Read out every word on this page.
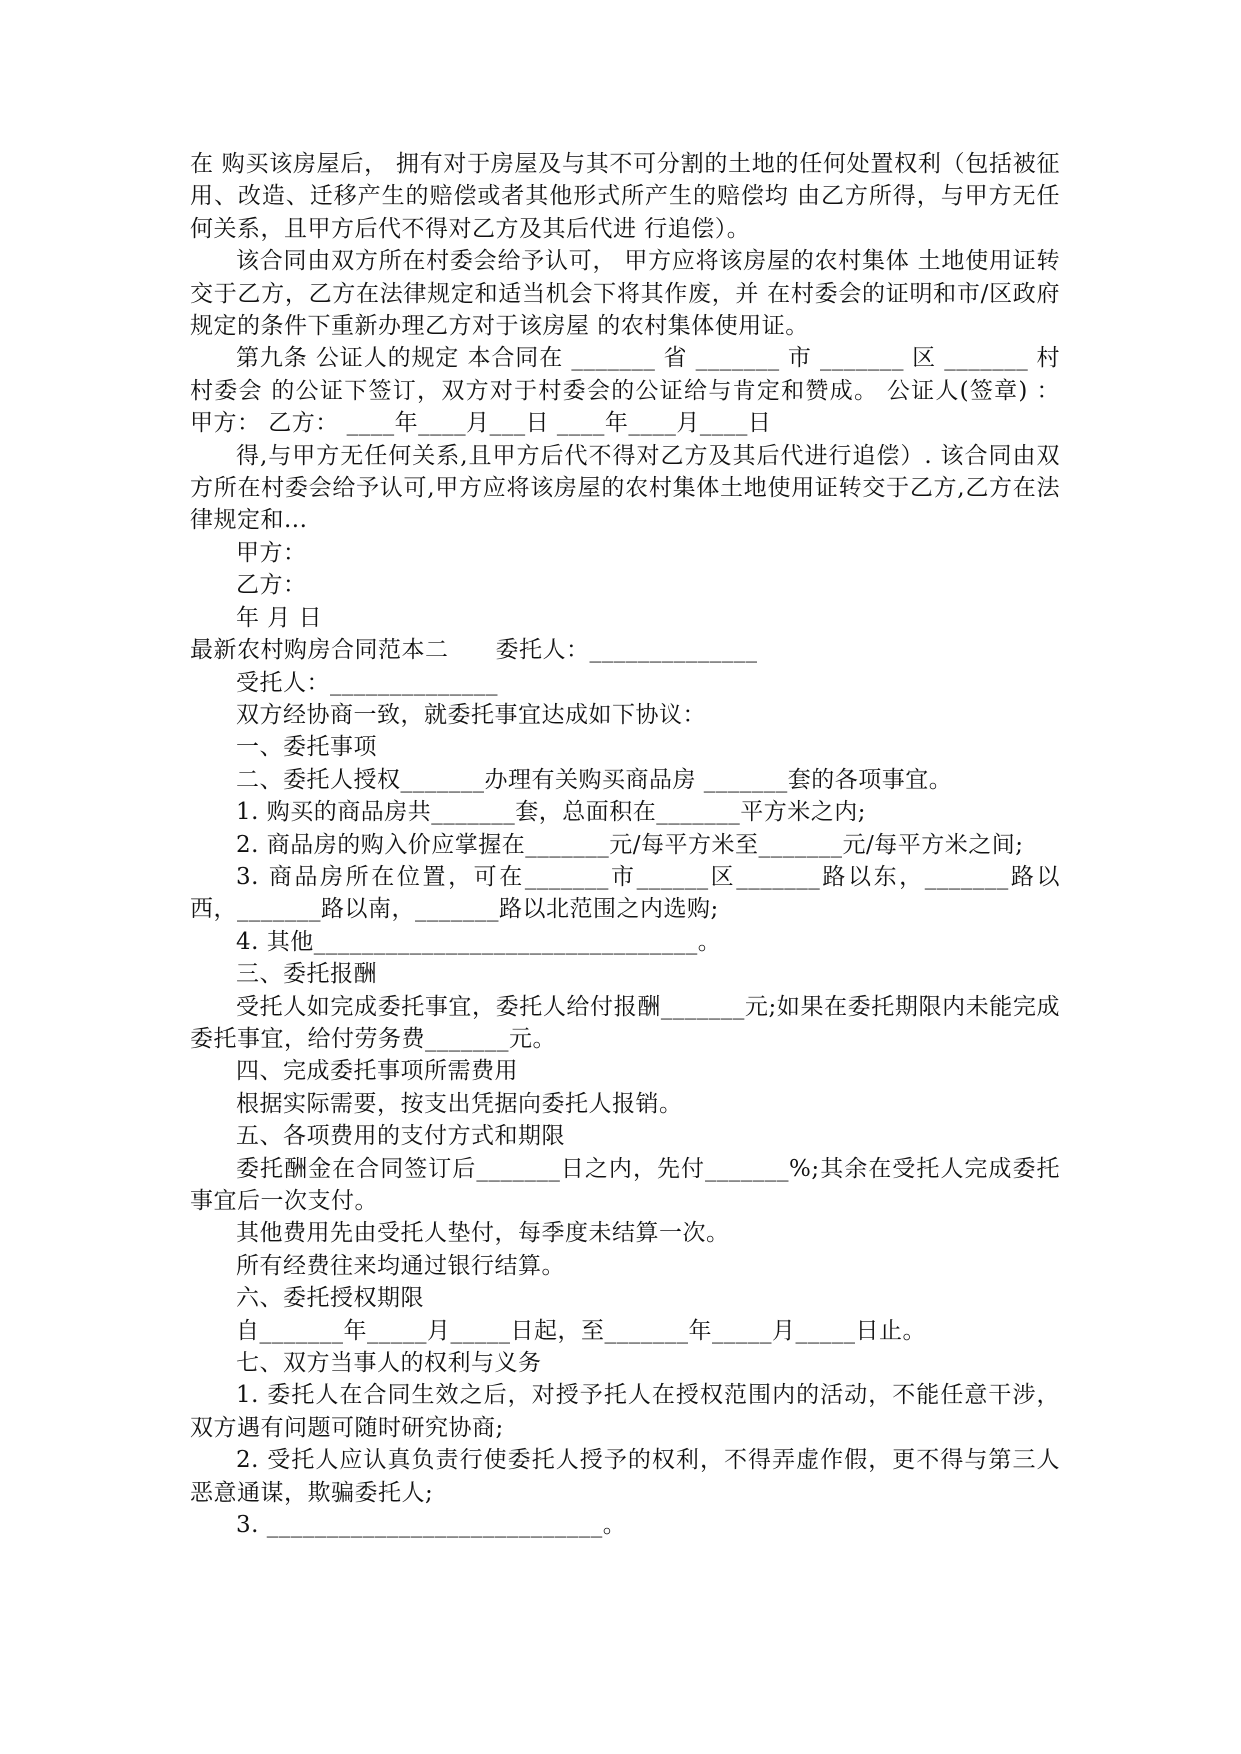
在 购买该房屋后， 拥有对于房屋及与其不可分割的土地的任何处置权利（包括被征用、改造、迁移产生的赔偿或者其他形式所产生的赔偿均 由乙方所得，与甲方无任何关系，且甲方后代不得对乙方及其后代进 行追偿）。

该合同由双方所在村委会给予认可， 甲方应将该房屋的农村集体 土地使用证转交于乙方，乙方在法律规定和适当机会下将其作废，并 在村委会的证明和市/区政府规定的条件下重新办理乙方对于该房屋 的农村集体使用证。

第九条 公证人的规定 本合同在 _______ 省 _______ 市 _______ 区 _______ 村村委会 的公证下签订，双方对于村委会的公证给与肯定和赞成。 公证人(签章) ： 甲方： 乙方： ____年____月___日 ____年____月____日

得,与甲方无任何关系,且甲方后代不得对乙方及其后代进行追偿）. 该合同由双方所在村委会给予认可,甲方应将该房屋的农村集体土地使用证转交于乙方,乙方在法律规定和...

甲方：

乙方：

年 月 日

最新农村购房合同范本二　　委托人：______________

受托人：______________

双方经协商一致，就委托事宜达成如下协议：

一、委托事项

二、委托人授权_______办理有关购买商品房 _______套的各项事宜。

1. 购买的商品房共_______套，总面积在_______平方米之内;

2. 商品房的购入价应掌握在_______元/每平方米至_______元/每平方米之间;

3. 商品房所在位置，可在_______市______区_______路以东，_______路以西，_______路以南，_______路以北范围之内选购;

4. 其他________________________________。

三、委托报酬

受托人如完成委托事宜，委托人给付报酬_______元;如果在委托期限内未能完成委托事宜，给付劳务费_______元。

四、完成委托事项所需费用

根据实际需要，按支出凭据向委托人报销。

五、各项费用的支付方式和期限

委托酬金在合同签订后_______日之内，先付_______%;其余在受托人完成委托事宜后一次支付。

其他费用先由受托人垫付，每季度未结算一次。

所有经费往来均通过银行结算。

六、委托授权期限

自_______年_____月_____日起，至_______年_____月_____日止。

七、双方当事人的权利与义务

1. 委托人在合同生效之后，对授予托人在授权范围内的活动，不能任意干涉，双方遇有问题可随时研究协商;

2. 受托人应认真负责行使委托人授予的权利，不得弄虚作假，更不得与第三人恶意通谋，欺骗委托人;

3. ____________________________。
